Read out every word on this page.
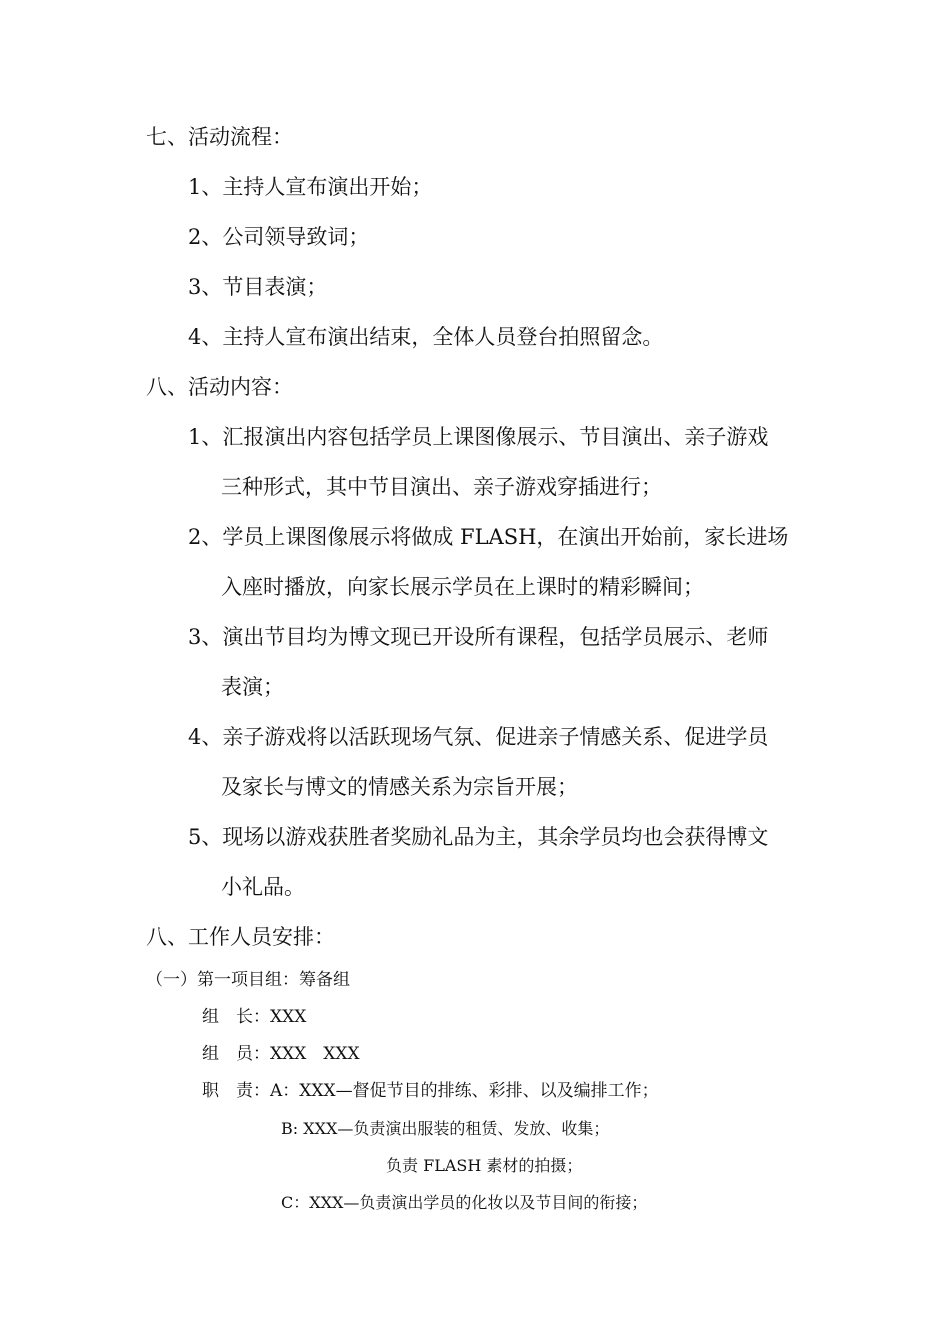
七、活动流程：
1、主持人宣布演出开始；
2、公司领导致词；
3、节目表演；
4、主持人宣布演出结束，全体人员登台拍照留念。
八、活动内容：
1、汇报演出内容包括学员上课图像展示、节目演出、亲子游戏
三种形式，其中节目演出、亲子游戏穿插进行；
2、学员上课图像展示将做成 FLASH，在演出开始前，家长进场
入座时播放，向家长展示学员在上课时的精彩瞬间；
3、演出节目均为博文现已开设所有课程，包括学员展示、老师
表演；
4、亲子游戏将以活跃现场气氛、促进亲子情感关系、促进学员
及家长与博文的情感关系为宗旨开展；
5、现场以游戏获胜者奖励礼品为主，其余学员均也会获得博文
小礼品。
八、工作人员安排：
（一）第一项目组：筹备组
组　长：XXX
组　员：XXX　XXX
职　责：A：XXX—督促节目的排练、彩排、以及编排工作；
B: XXX—负责演出服装的租赁、发放、收集；
负责 FLASH 素材的拍摄；
C：XXX—负责演出学员的化妆以及节目间的衔接；
